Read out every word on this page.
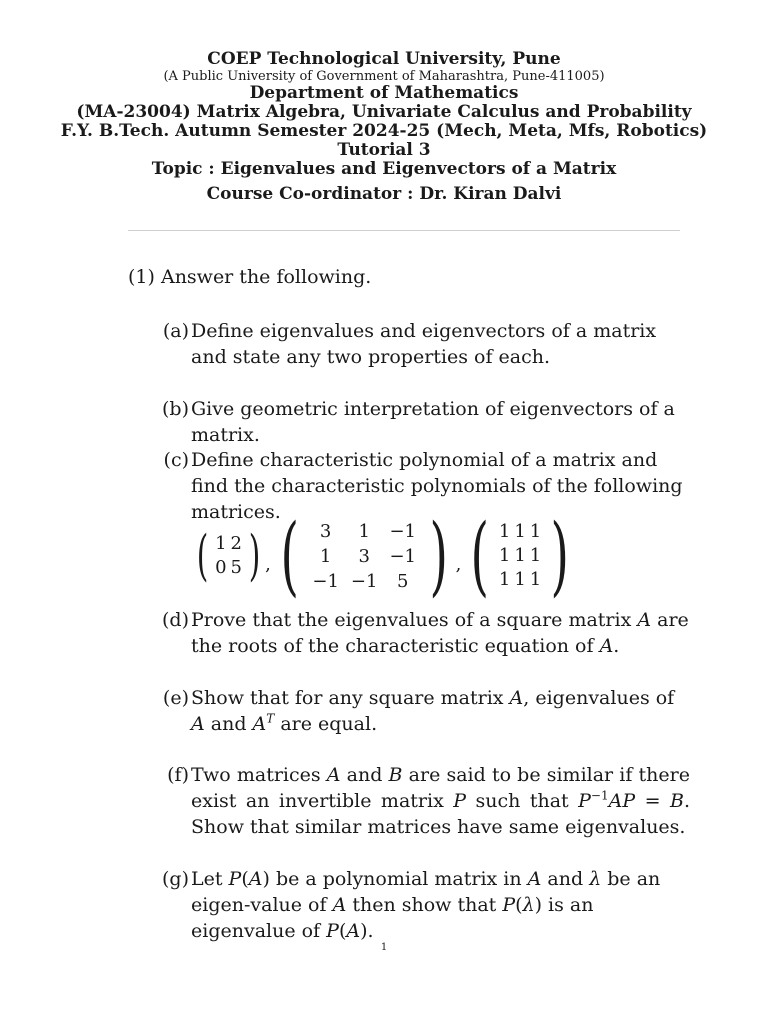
COEP Technological University, Pune
(A Public University of Government of Maharashtra, Pune-411005)
Department of Mathematics
(MA-23004) Matrix Algebra, Univariate Calculus and Probability
F.Y. B.Tech. Autumn Semester 2024-25 (Mech, Meta, Mfs, Robotics)
Tutorial 3
Topic : Eigenvalues and Eigenvectors of a Matrix
Course Co-ordinator : Dr. Kiran Dalvi
(1) Answer the following.
(a) Define eigenvalues and eigenvectors of a matrix and state any two properties of each.
(b) Give geometric interpretation of eigenvectors of a matrix.
(c) Define characteristic polynomial of a matrix and find the characteristic polynomials of the following matrices.
( 1	2
0	5 ) , ( 3	1	−1
1	3	−1
−1	−1	5 ) , ( 1	1	1
1	1	1
1	1	1 )
(d) Prove that the eigenvalues of a square matrix A are the roots of the characteristic equation of A.
(e) Show that for any square matrix A, eigenvalues of A and $A^T$ are equal.
(f) Two matrices A and B are said to be similar if there exist an invertible matrix P such that $P^{-1}AP = B$. Show that similar matrices have same eigenvalues.
(g) Let P(A) be a polynomial matrix in A and λ be an eigen-value of A then show that P(λ) is an eigenvalue of P(A).
1
